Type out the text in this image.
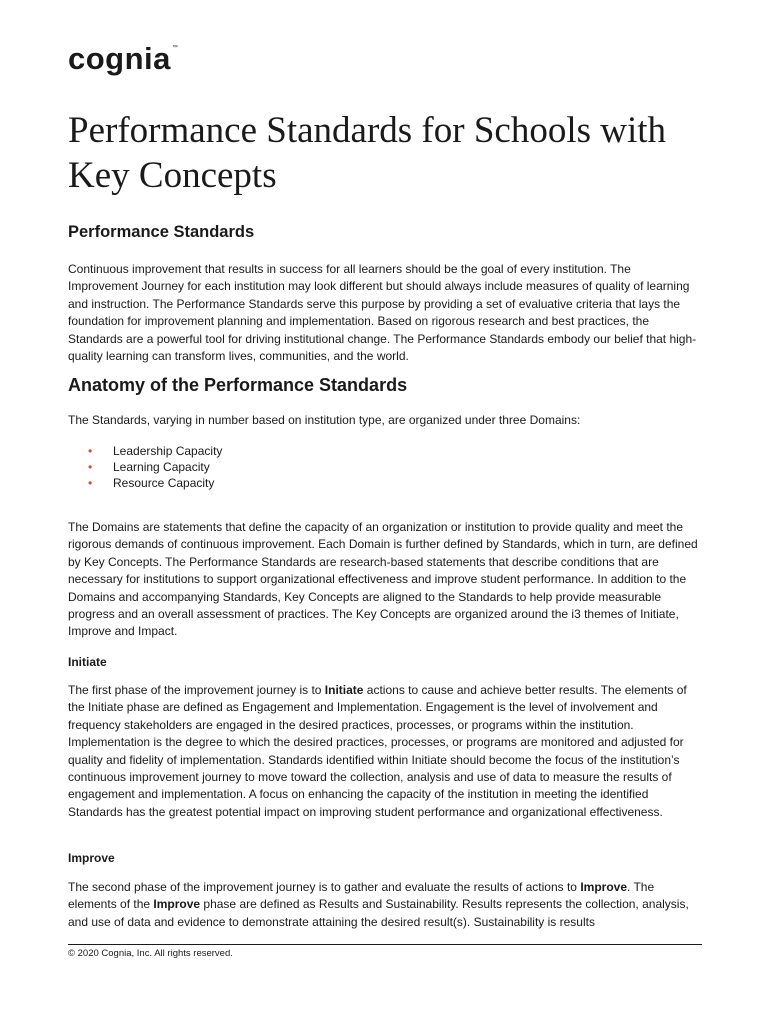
cognia™
Performance Standards for Schools with Key Concepts
Performance Standards

Continuous improvement that results in success for all learners should be the goal of every institution. The Improvement Journey for each institution may look different but should always include measures of quality of learning and instruction. The Performance Standards serve this purpose by providing a set of evaluative criteria that lays the foundation for improvement planning and implementation. Based on rigorous research and best practices, the Standards are a powerful tool for driving institutional change. The Performance Standards embody our belief that high-quality learning can transform lives, communities, and the world.

Anatomy of the Performance Standards

The Standards, varying in number based on institution type, are organized under three Domains:

• Leadership Capacity
• Learning Capacity
• Resource Capacity

The Domains are statements that define the capacity of an organization or institution to provide quality and meet the rigorous demands of continuous improvement. Each Domain is further defined by Standards, which in turn, are defined by Key Concepts. The Performance Standards are research-based statements that describe conditions that are necessary for institutions to support organizational effectiveness and improve student performance. In addition to the Domains and accompanying Standards, Key Concepts are aligned to the Standards to help provide measurable progress and an overall assessment of practices. The Key Concepts are organized around the i3 themes of Initiate, Improve and Impact.

Initiate

The first phase of the improvement journey is to Initiate actions to cause and achieve better results. The elements of the Initiate phase are defined as Engagement and Implementation. Engagement is the level of involvement and frequency stakeholders are engaged in the desired practices, processes, or programs within the institution. Implementation is the degree to which the desired practices, processes, or programs are monitored and adjusted for quality and fidelity of implementation. Standards identified within Initiate should become the focus of the institution’s continuous improvement journey to move toward the collection, analysis and use of data to measure the results of engagement and implementation. A focus on enhancing the capacity of the institution in meeting the identified Standards has the greatest potential impact on improving student performance and organizational effectiveness.

Improve

The second phase of the improvement journey is to gather and evaluate the results of actions to Improve. The elements of the Improve phase are defined as Results and Sustainability. Results represents the collection, analysis, and use of data and evidence to demonstrate attaining the desired result(s). Sustainability is results

© 2020 Cognia, Inc. All rights reserved.
